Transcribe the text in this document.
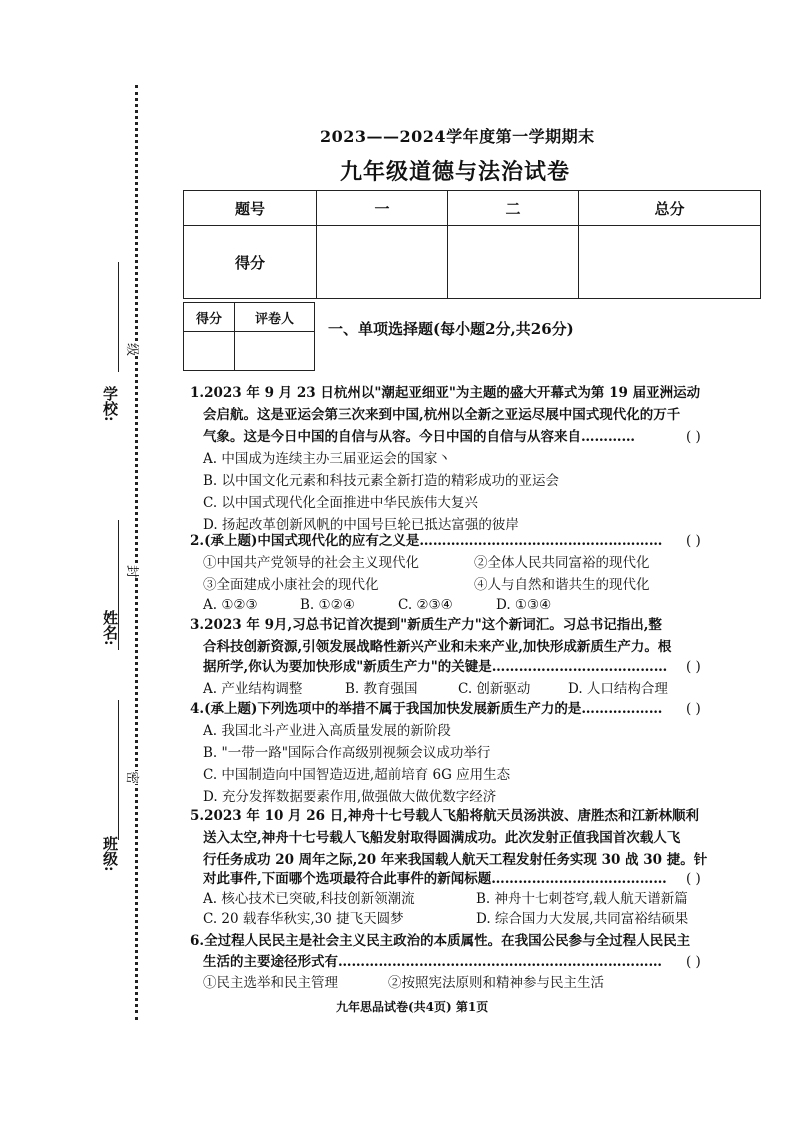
学校:
姓名:
班级:
级
封
密
2023——2024学年度第一学期期末
九年级道德与法治试卷
题号	一	二	总分
得分			
得分	评卷人

一、单项选择题(每小题2分,共26分)
1.2023 年 9 月 23 日杭州以"潮起亚细亚"为主题的盛大开幕式为第 19 届亚洲运动
会启航。这是亚运会第三次来到中国,杭州以全新之亚运尽展中国式现代化的万千
气象。这是今日中国的自信与从容。今日中国的自信与从容来自…………	( )
A. 中国成为连续主办三届亚运会的国家丶
B. 以中国文化元素和科技元素全新打造的精彩成功的亚运会
C. 以中国式现代化全面推进中华民族伟大复兴
D. 扬起改革创新风帆的中国号巨轮已抵达富强的彼岸
2.(承上题)中国式现代化的应有之义是……………………………………………… ( )
①中国共产党领导的社会主义现代化	②全体人民共同富裕的现代化
③全面建成小康社会的现代化	④人与自然和谐共生的现代化
A. ①②③	B. ①②④	C. ②③④	D. ①③④
3.2023 年 9月,习总书记首次提到"新质生产力"这个新词汇。习总书记指出,整
合科技创新资源,引领发展战略性新兴产业和未来产业,加快形成新质生产力。根
据所学,你认为要加快形成"新质生产力"的关键是………………………………… ( )
A. 产业结构调整	B. 教育强国	C. 创新驱动	D. 人口结构合理
4.(承上题)下列选项中的举措不属于我国加快发展新质生产力的是……………… ( )
A. 我国北斗产业进入高质量发展的新阶段
B. "一带一路"国际合作高级别视频会议成功举行
C. 中国制造向中国智造迈进,超前培育 6G 应用生态
D. 充分发挥数据要素作用,做强做大做优数字经济
5.2023 年 10 月 26 日,神舟十七号载人飞船将航天员汤洪波、唐胜杰和江新林顺利
送入太空,神舟十七号载人飞船发射取得圆满成功。此次发射正值我国首次载人飞
行任务成功 20 周年之际,20 年来我国载人航天工程发射任务实现 30 战 30 捷。针
对此事件,下面哪个选项最符合此事件的新闻标题………………………………… ( )
A. 核心技术已突破,科技创新领潮流	B. 神舟十七刺苍穹,载人航天谱新篇
C. 20 载春华秋实,30 捷飞天圆梦	D. 综合国力大发展,共同富裕结硕果
6.全过程人民民主是社会主义民主政治的本质属性。在我国公民参与全过程人民民主
生活的主要途径形式有……………………………………………………………… ( )
①民主选举和民主管理	②按照宪法原则和精神参与民主生活
九年思品试卷(共4页) 第1页
